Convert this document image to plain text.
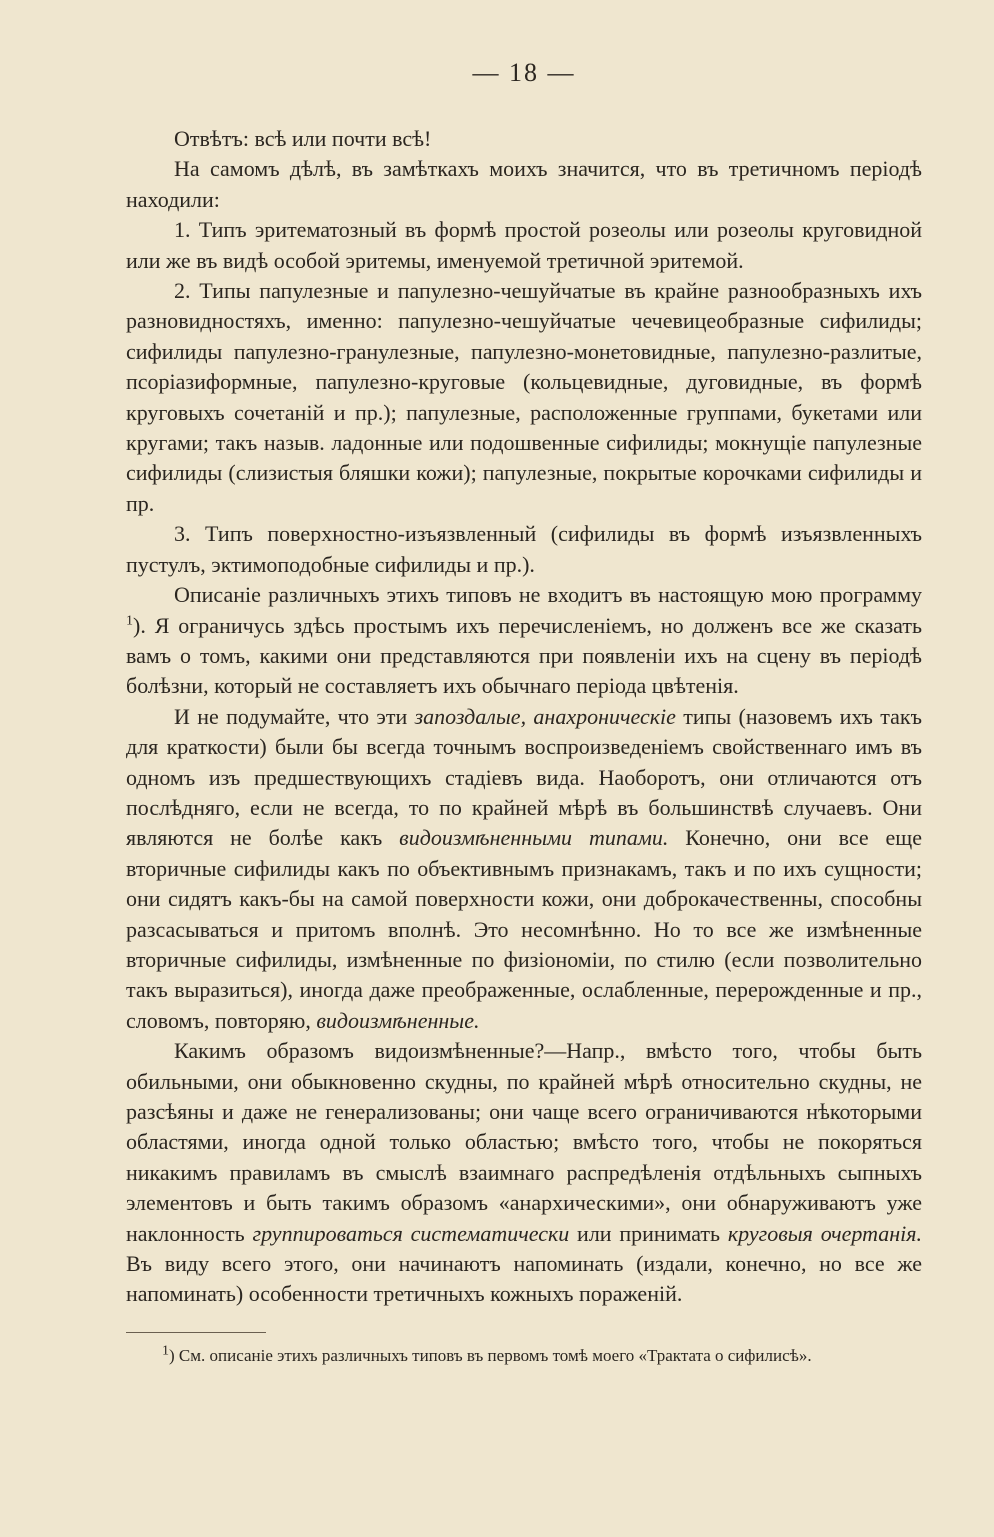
— 18 —

Отвѣтъ: всѣ или почти всѣ!

На самомъ дѣлѣ, въ замѣткахъ моихъ значится, что въ третичномъ періодѣ находили:

1. Типъ эритематозный въ формѣ простой розеолы или розеолы круговидной или же въ видѣ особой эритемы, именуемой третичной эритемой.

2. Типы папулезные и папулезно-чешуйчатые въ крайне разнообразныхъ ихъ разновидностяхъ, именно: папулезно-чешуйчатые чечевицеобразные сифилиды; сифилиды папулезно-гранулезные, папулезно-монетовидные, папулезно-разлитые, псоріазиформные, папулезно-круговые (кольцевидные, дуговидные, въ формѣ круговыхъ сочетаній и пр.); папулезные, расположенные группами, букетами или кругами; такъ назыв. ладонные или подошвенные сифилиды; мокнущіе папулезные сифилиды (слизистыя бляшки кожи); папулезные, покрытые корочками сифилиды и пр.

3. Типъ поверхностно-изъязвленный (сифилиды въ формѣ изъязвленныхъ пустулъ, эктимоподобные сифилиды и пр.).

Описаніе различныхъ этихъ типовъ не входитъ въ настоящую мою программу $^1$). Я ограничусь здѣсь простымъ ихъ перечисленіемъ, но долженъ все же сказать вамъ о томъ, какими они представляются при появленіи ихъ на сцену въ періодѣ болѣзни, который не составляетъ ихъ обычнаго періода цвѣтенія.

И не подумайте, что эти запоздалые, анахроническіе типы (назовемъ ихъ такъ для краткости) были бы всегда точнымъ воспроизведеніемъ свойственнаго имъ въ одномъ изъ предшествующихъ стадіевъ вида. Наоборотъ, они отличаются отъ послѣдняго, если не всегда, то по крайней мѣрѣ въ большинствѣ случаевъ. Они являются не болѣе какъ видоизмѣненными типами. Конечно, они все еще вторичные сифилиды какъ по объективнымъ признакамъ, такъ и по ихъ сущности; они сидятъ какъ-бы на самой поверхности кожи, они доброкачественны, способны разсасываться и притомъ вполнѣ. Это несомнѣнно. Но то все же измѣненные вторичные сифилиды, измѣненные по физіономіи, по стилю (если позволительно такъ выразиться), иногда даже преображенные, ослабленные, перерожденные и пр., словомъ, повторяю, видоизмѣненные.

Какимъ образомъ видоизмѣненные?—Напр., вмѣсто того, чтобы быть обильными, они обыкновенно скудны, по крайней мѣрѣ относительно скудны, не разсѣяны и даже не генерализованы; они чаще всего ограничиваются нѣкоторыми областями, иногда одной только областью; вмѣсто того, чтобы не покоряться никакимъ правиламъ въ смыслѣ взаимнаго распредѣленія отдѣльныхъ сыпныхъ элементовъ и быть такимъ образомъ «анархическими», они обнаруживаютъ уже наклонность группироваться систематически или принимать круговыя очертанія. Въ виду всего этого, они начинаютъ напоминать (издали, конечно, но все же напоминать) особенности третичныхъ кожныхъ пораженій.

$^1$) См. описаніе этихъ различныхъ типовъ въ первомъ томѣ моего «Трактата о сифилисѣ».
